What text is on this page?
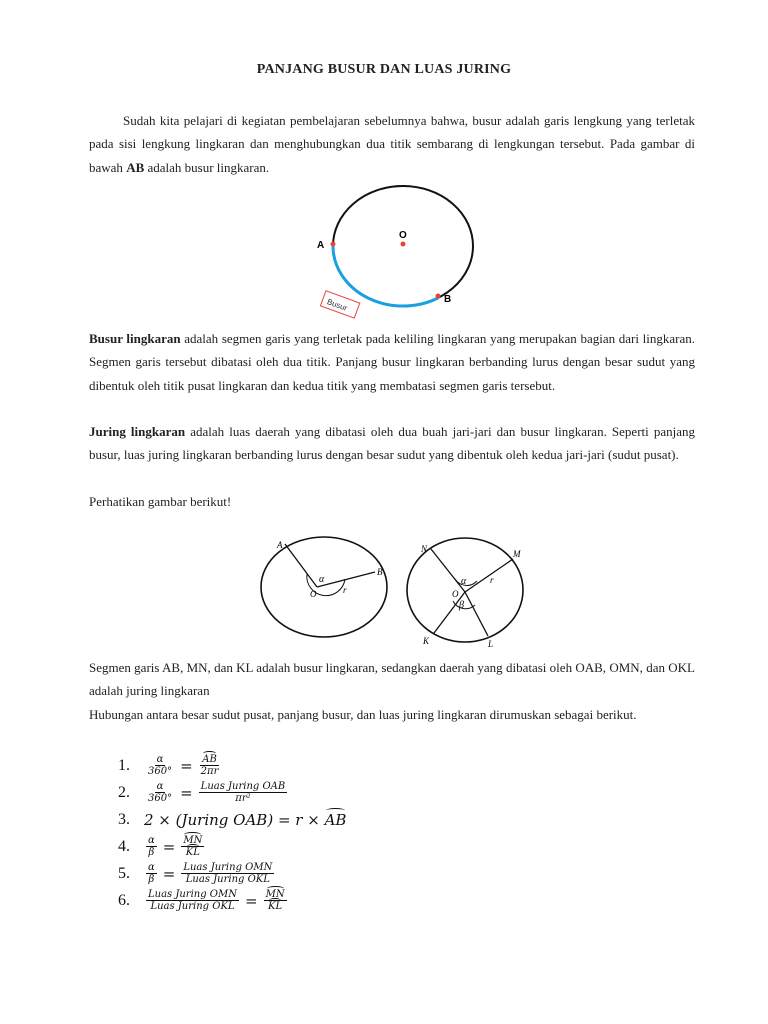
PANJANG BUSUR DAN LUAS JURING

Sudah kita pelajari di kegiatan pembelajaran sebelumnya bahwa, busur adalah garis lengkung yang terletak pada sisi lengkung lingkaran dan menghubungkan dua titik sembarang di lengkungan tersebut. Pada gambar di bawah AB adalah busur lingkaran.

A
O
B
Busur

Busur lingkaran adalah segmen garis yang terletak pada keliling lingkaran yang merupakan bagian dari lingkaran. Segmen garis tersebut dibatasi oleh dua titik. Panjang busur lingkaran berbanding lurus dengan besar sudut yang dibentuk oleh titik pusat lingkaran dan kedua titik yang membatasi segmen garis tersebut.

Juring lingkaran adalah luas daerah yang dibatasi oleh dua buah jari-jari dan busur lingkaran. Seperti panjang busur, luas juring lingkaran berbanding lurus dengan besar sudut yang dibentuk oleh kedua jari-jari (sudut pusat).

Perhatikan gambar berikut!

A
B
O
α
r
N	M
O
K	L
α
β
r

Segmen garis AB, MN, dan KL adalah busur lingkaran, sedangkan daerah yang dibatasi oleh OAB, OMN, dan OKL adalah juring lingkaran

Hubungan antara besar sudut pusat, panjang busur, dan luas juring lingkaran dirumuskan sebagai berikut.

1.	$\frac{\alpha}{360^\circ} = \frac{AB}{2\pi r}$
2.	$\frac{\alpha}{360^\circ} = \frac{\text{Luas Juring OAB}}{\text{πr²}}$
3. 2 × (Juring OAB) = r × AB
4.	$\frac{\alpha}{\beta} = \frac{MN}{KL}$
5.	$\frac{\alpha}{\beta} = \frac{\text{Luas Juring OMN}}{\text{Luas Juring OKL}}$
6.	$\frac{\text{Luas Juring OMN}}{\text{Luas Juring OKL}} = \frac{MN}{KL}$
